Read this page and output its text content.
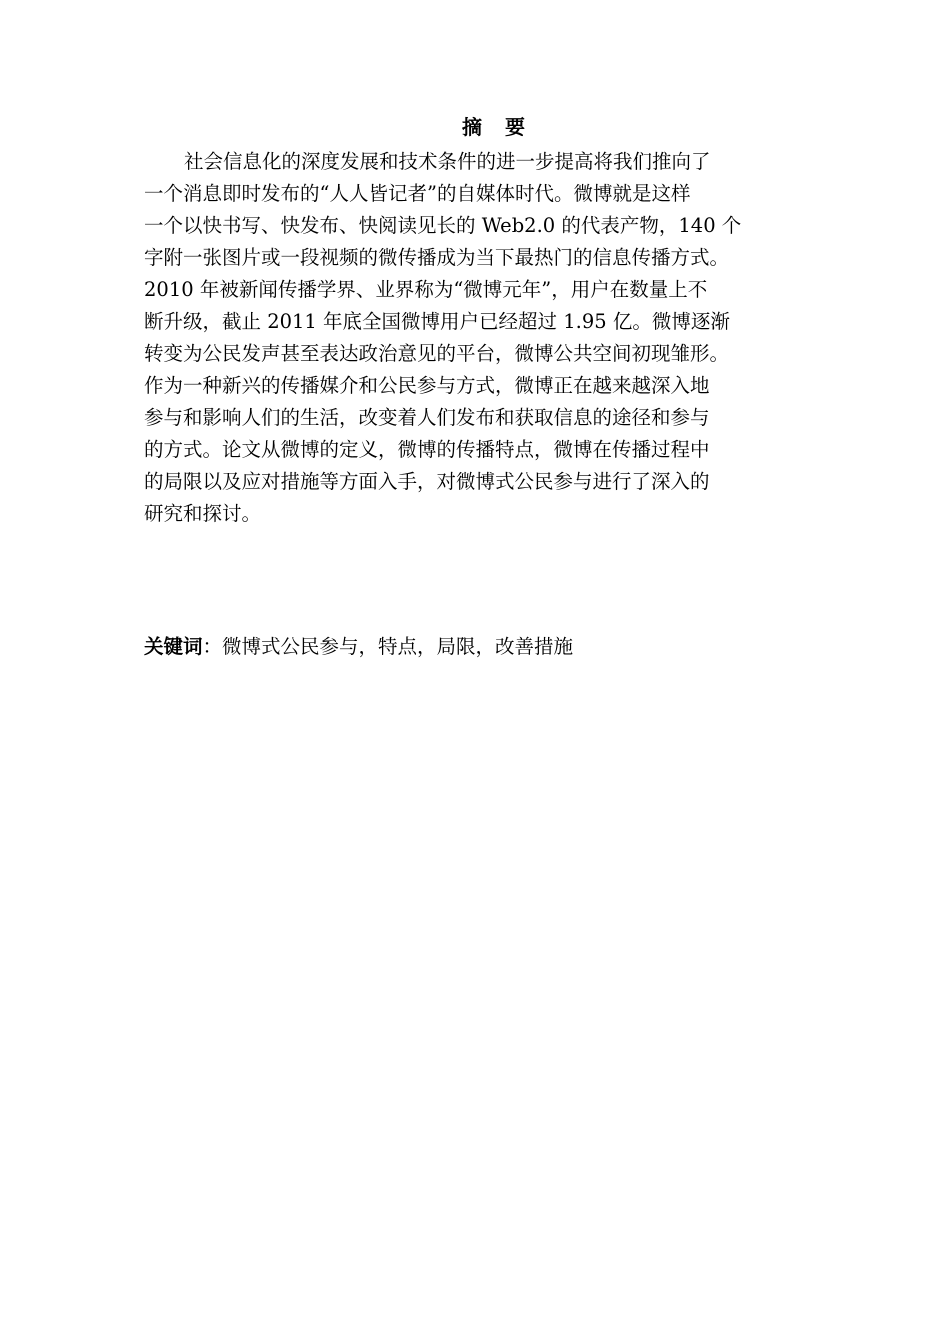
摘 要
社会信息化的深度发展和技术条件的进一步提高将我们推向了
一个消息即时发布的“人人皆记者”的自媒体时代。微博就是这样
一个以快书写、快发布、快阅读见长的 Web2.0 的代表产物，140 个
字附一张图片或一段视频的微传播成为当下最热门的信息传播方式。
2010 年被新闻传播学界、业界称为“微博元年”，用户在数量上不
断升级，截止 2011 年底全国微博用户已经超过 1.95 亿。微博逐渐
转变为公民发声甚至表达政治意见的平台，微博公共空间初现雏形。
作为一种新兴的传播媒介和公民参与方式，微博正在越来越深入地
参与和影响人们的生活，改变着人们发布和获取信息的途径和参与
的方式。论文从微博的定义，微博的传播特点，微博在传播过程中
的局限以及应对措施等方面入手，对微博式公民参与进行了深入的
研究和探讨。
关键词：微博式公民参与，特点，局限，改善措施
